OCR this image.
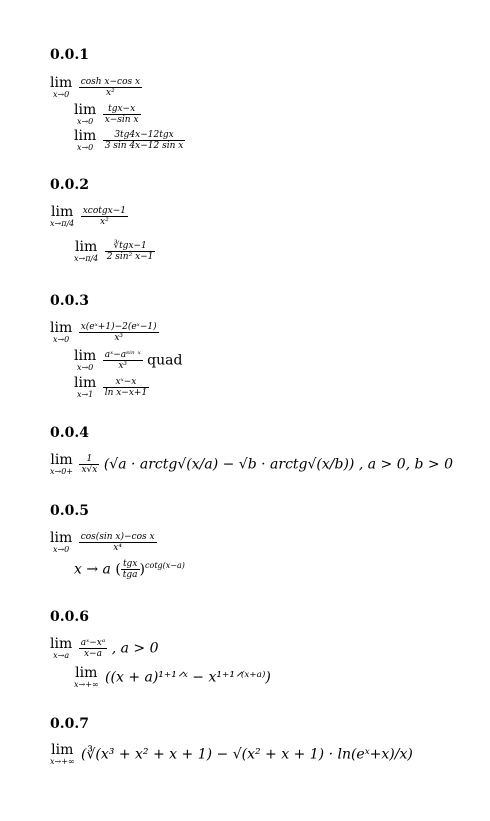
0.0.1
0.0.2
0.0.3
0.0.4
0.0.5
0.0.6
0.0.7
lim
x→0
	$\frac{\text{cosh x−cos x}}{\text{x²}}$
lim
x→0

tgx−x
x−sin x
lim
x→0

3tg4x−12tgx
3 sin 4x−12 sin x
lim
x→π/4
$\frac{\text{xcotgx−1}}{\text{x²}}$
lim
x→π/4

∛tgx−1
2 sin² x−1
lim
x→0
	$\frac{\text{x(eˣ+1)−2(eˣ−1)}}{\text{x³}}$
lim
x→0

aˣ−aˢⁱⁿ ˣ
x³	quad
lim
x→1
	$\frac{\text{xˣ−x}}{\text{ln x−x+1}}$
lim
x→0+
$\frac{1}{x√x} (√a$ · arctg√(x/a) − √b · arctg√(x/b)) , a > 0, b > 0
lim
x→0
	$\frac{\text{cos(sin x)−cos x}}{\text{x⁴}}$
x → a ( tgx
tga )$^{cotg(x-a)}$
lim
x→a
	$\frac{\text{aˣ−xᵃ}}{x-a}$ , a > 0
lim
x→+∞ ((x + a)¹⁺¹ᐟˣ − x¹⁺¹ᐟ⁽ˣ⁺ᵃ⁾)
lim
x→+∞ (∛(x³ + x² + x + 1) − √(x² + x + 1) · ln(eˣ+x)/x)
